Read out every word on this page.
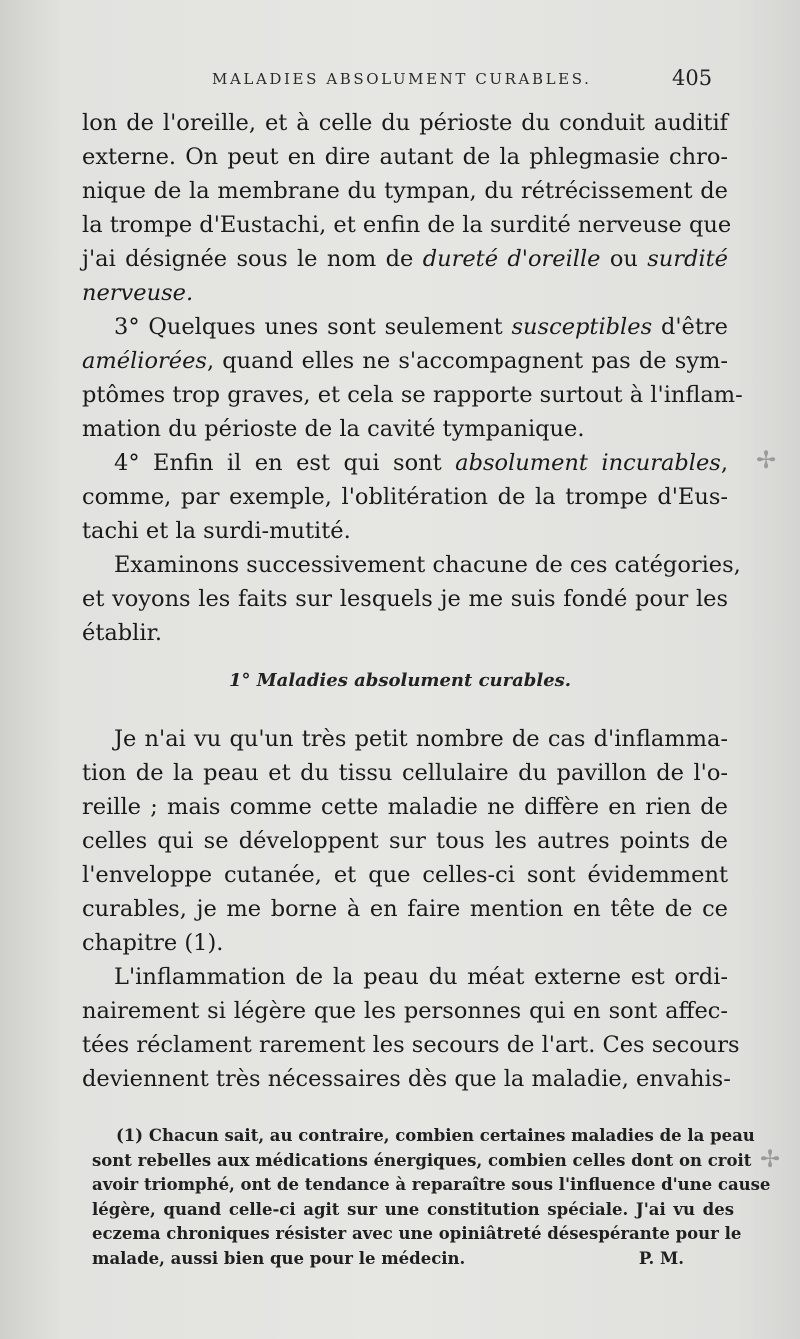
MALADIES ABSOLUMENT CURABLES.	405
lon de l'oreille, et à celle du périoste du conduit auditif
externe. On peut en dire autant de la phlegmasie chro-
nique de la membrane du tympan, du rétrécissement de
la trompe d'Eustachi, et enfin de la surdité nerveuse que
j'ai désignée sous le nom de dureté d'oreille ou surdité
nerveuse.
3° Quelques unes sont seulement susceptibles d'être
améliorées, quand elles ne s'accompagnent pas de sym-
ptômes trop graves, et cela se rapporte surtout à l'inflam-
mation du périoste de la cavité tympanique.
4° Enfin il en est qui sont absolument incurables,
comme, par exemple, l'oblitération de la trompe d'Eus-
tachi et la surdi-mutité.
Examinons successivement chacune de ces catégories,
et voyons les faits sur lesquels je me suis fondé pour les
établir.
1° Maladies absolument curables.
Je n'ai vu qu'un très petit nombre de cas d'inflamma-
tion de la peau et du tissu cellulaire du pavillon de l'o-
reille ; mais comme cette maladie ne diffère en rien de
celles qui se développent sur tous les autres points de
l'enveloppe cutanée, et que celles-ci sont évidemment
curables, je me borne à en faire mention en tête de ce
chapitre (1).
L'inflammation de la peau du méat externe est ordi-
nairement si légère que les personnes qui en sont affec-
tées réclament rarement les secours de l'art. Ces secours
deviennent très nécessaires dès que la maladie, envahis-
(1) Chacun sait, au contraire, combien certaines maladies de la peau
sont rebelles aux médications énergiques, combien celles dont on croit
avoir triomphé, ont de tendance à reparaître sous l'influence d'une cause
légère, quand celle-ci agit sur une constitution spéciale. J'ai vu des
eczema chroniques résister avec une opiniâtreté désespérante pour le
malade, aussi bien que pour le médecin.	P. M.
✢
✢
